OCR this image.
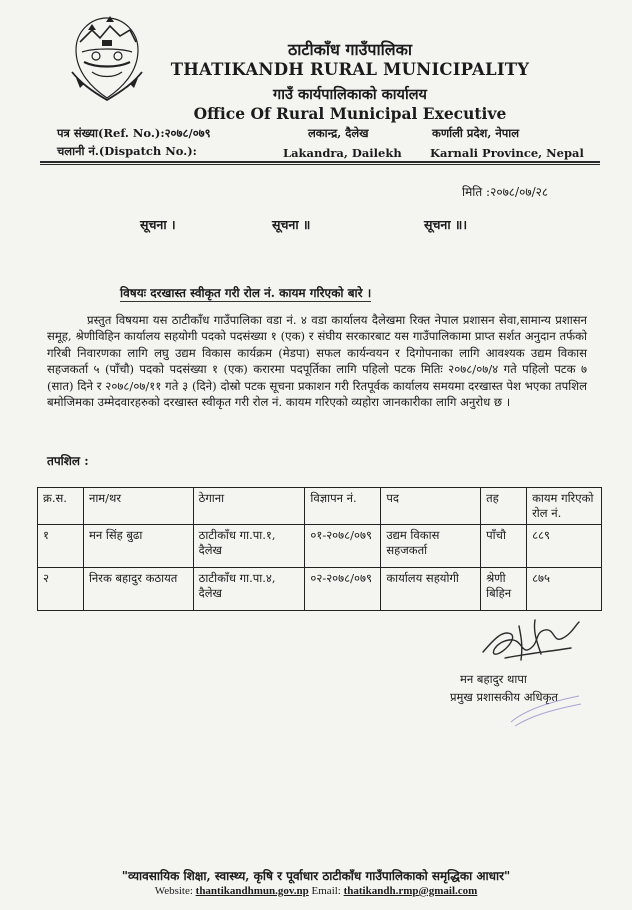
ठाटीकाँध गाउँपालिका
THATIKANDH RURAL MUNICIPALITY
गाउँ कार्यपालिकाको कार्यालय
Office Of Rural Municipal Executive
पत्र संख्या(Ref. No.):२०७८/०७९
चलानी नं.(Dispatch No.):
लकान्द्र, दैलेख
Lakandra, Dailekh
कर्णाली प्रदेश, नेपाल
Karnali Province, Nepal
मिति :२०७८/०७/२८
सूचना ।	सूचना ॥	सूचना ॥।
विषयः दरखास्त स्वीकृत गरी रोल नं. कायम गरिएको बारे ।
प्रस्तुत विषयमा यस ठाटीकाँध गाउँपालिका वडा नं. ४ वडा कार्यालय दैलेखमा रिक्त नेपाल प्रशासन सेवा,सामान्य प्रशासन समूह, श्रेणीविहिन कार्यालय सहयोगी पदको पदसंख्या १ (एक) र संघीय सरकारबाट यस गाउँपालिकामा प्राप्त सर्शत अनुदान तर्फको गरिबी निवारणका लागि लघु उद्यम विकास कार्यक्रम (मेडपा) सफल कार्यन्वयन र दिगोपनाका लागि आवश्यक उद्यम विकास सहजकर्ता ५ (पाँचौ) पदको पदसंख्या १ (एक) करारमा पदपूर्तिका लागि पहिलो पटक मितिः २०७८/०७/४ गते पहिलो पटक ७ (सात) दिने र २०७८/०७/११ गते ३ (दिने) दोस्रो पटक सूचना प्रकाशन गरी रितपूर्वक कार्यालय समयमा दरखास्त पेश भएका तपशिल बमोजिमका उम्मेदवारहरुको दरखास्त स्वीकृत गरी रोल नं. कायम गरिएको व्यहोरा जानकारीका लागि अनुरोध छ ।
तपशिल :
क्र.स.	नाम/थर	ठेगाना	विज्ञापन नं.	पद	तह	कायम गरिएको रोल नं.
१	मन सिंह बुढा	ठाटीकाँध गा.पा.१, दैलेख	०१-२०७८/०७९	उद्यम विकास सहजकर्ता	पाँचौ	८८९
२	निरक बहादुर कठायत	ठाटीकाँध गा.पा.४, दैलेख	०२-२०७८/०७९	कार्यालय सहयोगी	श्रेणी बिहिन	८७५
मन बहादुर थापा
प्रमुख प्रशासकीय अधिकृत
"व्यावसायिक शिक्षा, स्वास्थ्य, कृषि र पूर्वाधार ठाटीकाँध गाउँपालिकाको समृद्धिका आधार"
Website: thantikandhmun.gov.np Email: thatikandh.rmp@gmail.com
